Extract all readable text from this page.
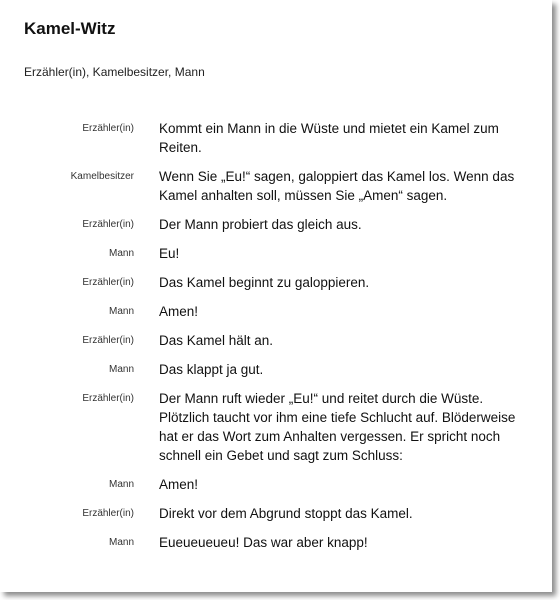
Kamel-Witz
Erzähler(in), Kamelbesitzer, Mann
Erzähler(in) Kommt ein Mann in die Wüste und mietet ein Kamel zum Reiten.
Kamelbesitzer Wenn Sie „Eu!“ sagen, galoppiert das Kamel los. Wenn das Kamel anhalten soll, müssen Sie „Amen“ sagen.
Erzähler(in) Der Mann probiert das gleich aus.
Mann Eu!
Erzähler(in) Das Kamel beginnt zu galoppieren.
Mann Amen!
Erzähler(in) Das Kamel hält an.
Mann Das klappt ja gut.
Erzähler(in) Der Mann ruft wieder „Eu!“ und reitet durch die Wüste. Plötzlich taucht vor ihm eine tiefe Schlucht auf. Blöderweise hat er das Wort zum Anhalten vergessen. Er spricht noch schnell ein Gebet und sagt zum Schluss:
Mann Amen!
Erzähler(in) Direkt vor dem Abgrund stoppt das Kamel.
Mann Eueueueueu! Das war aber knapp!
